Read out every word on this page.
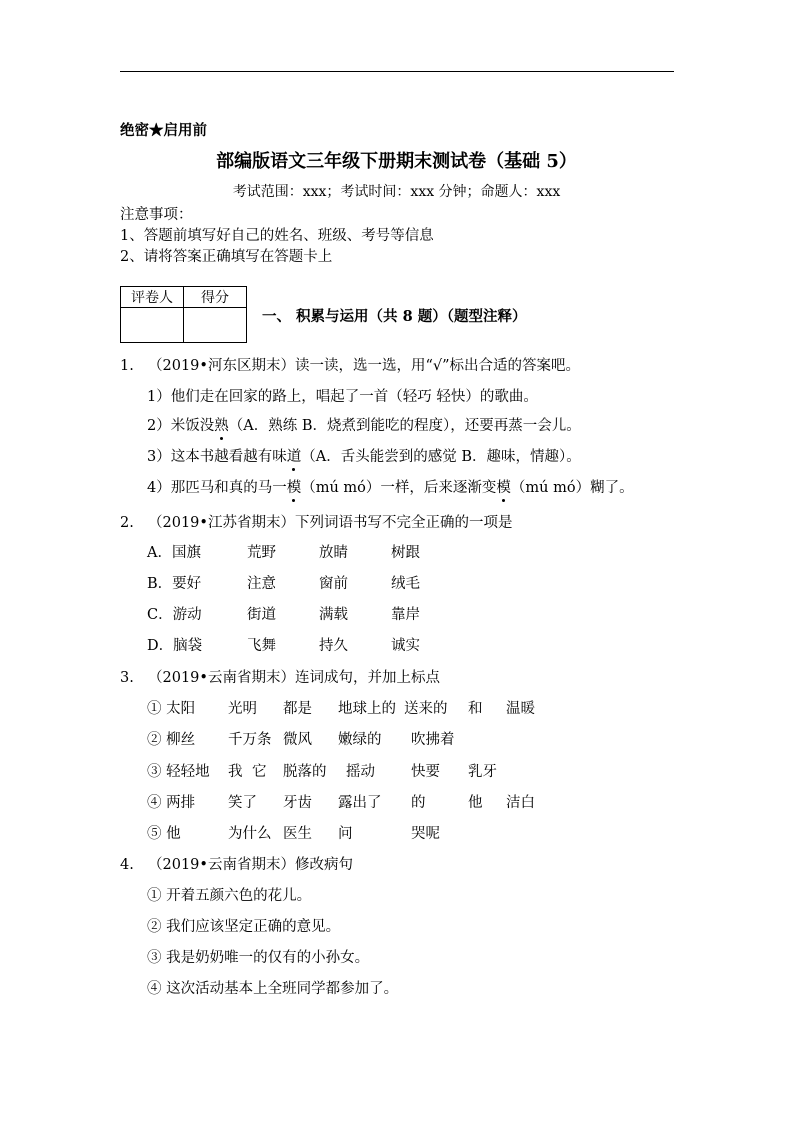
绝密★启用前
部编版语文三年级下册期末测试卷（基础 5）
考试范围：xxx；考试时间：xxx 分钟；命题人：xxx
注意事项：
1、答题前填写好自己的姓名、班级、考号等信息
2、请将答案正确填写在答题卡上
评卷人	得分

一、 积累与运用（共 8 题）（题型注释）
1. （2019•河东区期末）读一读，选一选，用“√”标出合适的答案吧。
1）他们走在回家的路上，唱起了一首（轻巧 轻快）的歌曲。
2）米饭没熟（A．熟练 B．烧煮到能吃的程度），还要再蒸一会儿。
3）这本书越看越有味道（A．舌头能尝到的感觉 B．趣味，情趣）。
4）那匹马和真的马一模（mú mó）一样，后来逐渐变模（mú mó）糊了。
2. （2019•江苏省期末）下列词语书写不完全正确的一项是
A．国旗	荒野	放睛	树跟
B．要好	注意	窗前	绒毛
C．游动	街道	满载	靠岸
D．脑袋	飞舞	持久	诚实
3. （2019•云南省期末）连词成句，并加上标点
① 太阳 光明 都是 地球上的 送来的 和 温暖
② 柳丝 千万条 微风 嫩绿的 吹拂着
③ 轻轻地 我 它 脱落的 摇动 快要 乳牙
④ 两排 笑了 牙齿 露出了 的	他 洁白
⑤ 他	为什么 医生 问	哭呢
4. （2019•云南省期末）修改病句
① 开着五颜六色的花儿。
② 我们应该坚定正确的意见。
③ 我是奶奶唯一的仅有的小孙女。
④ 这次活动基本上全班同学都参加了。
